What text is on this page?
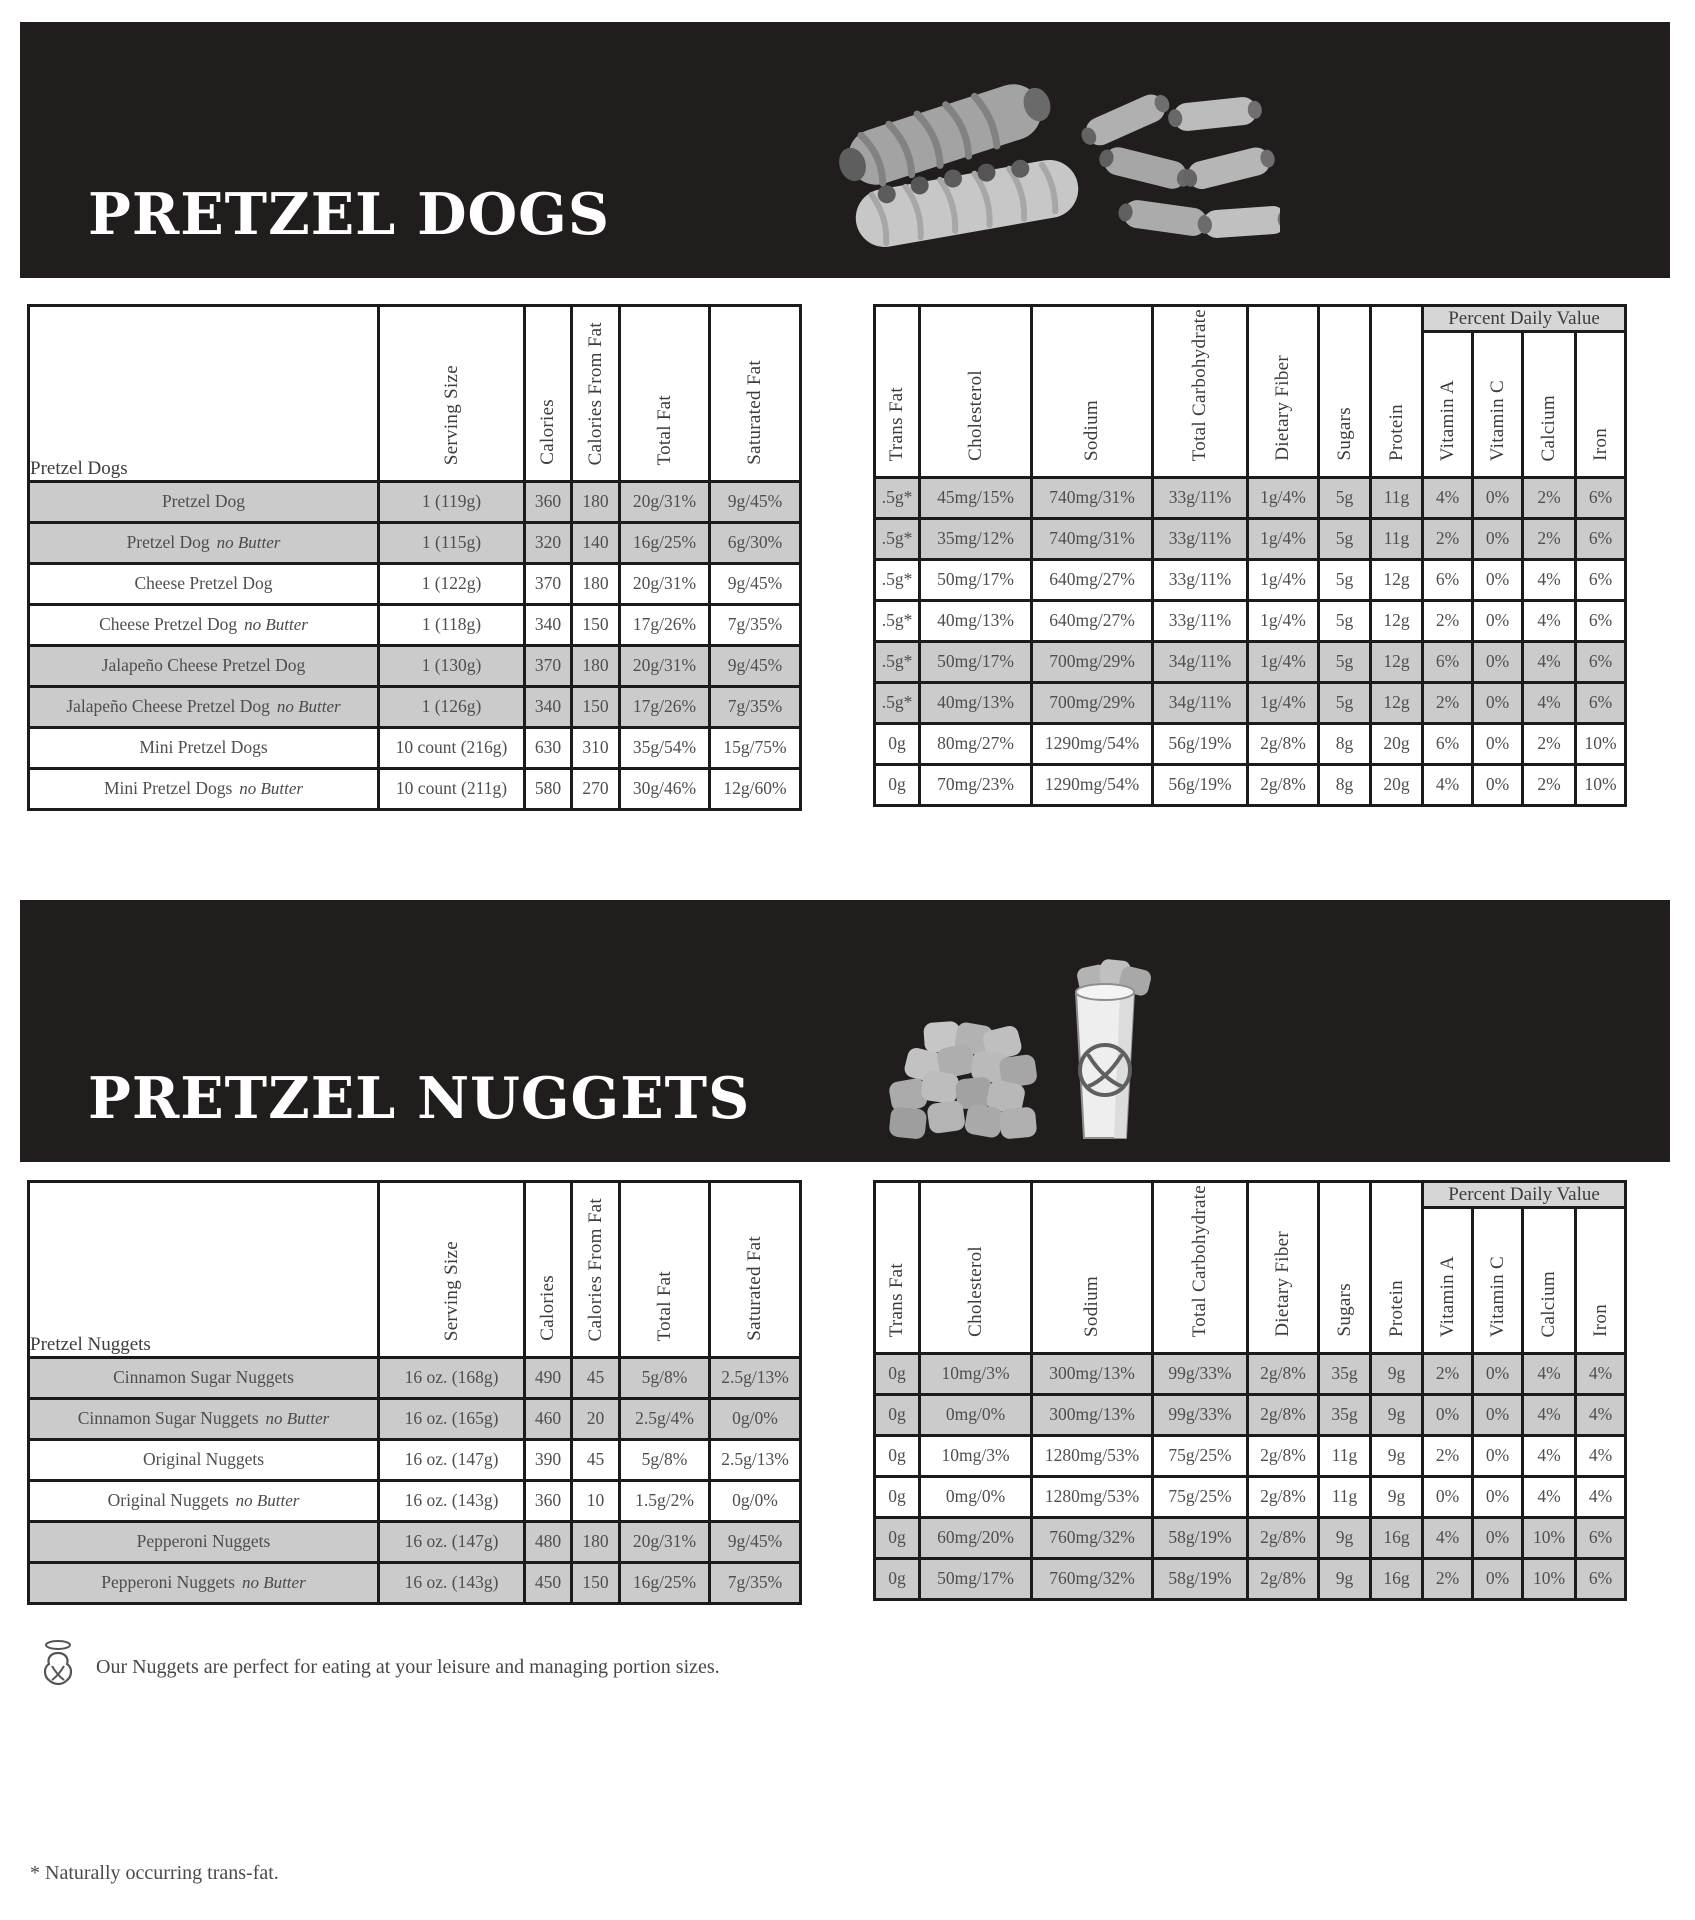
PRETZEL DOGS
Pretzel Dogs	Serving Size	Calories	Calories From Fat	Total Fat	Saturated Fat
Pretzel Dog	1 (119g)	360	180	20g/31%	9g/45%
Pretzel Dog no Butter	1 (115g)	320	140	16g/25%	6g/30%
Cheese Pretzel Dog	1 (122g)	370	180	20g/31%	9g/45%
Cheese Pretzel Dog no Butter	1 (118g)	340	150	17g/26%	7g/35%
Jalapeño Cheese Pretzel Dog	1 (130g)	370	180	20g/31%	9g/45%
Jalapeño Cheese Pretzel Dog no Butter	1 (126g)	340	150	17g/26%	7g/35%
Mini Pretzel Dogs	10 count (216g)	630	310	35g/54%	15g/75%
Mini Pretzel Dogs no Butter	10 count (211g)	580	270	30g/46%	12g/60%
Trans Fat	Cholesterol	Sodium	Total Carbohydrate	Dietary Fiber	Sugars	Protein	Percent Daily Value			
							Vitamin A	Vitamin C	Calcium	Iron
.5g*	45mg/15%	740mg/31%	33g/11%	1g/4%	5g	11g	4%	0%	2%	6%
.5g*	35mg/12%	740mg/31%	33g/11%	1g/4%	5g	11g	2%	0%	2%	6%
.5g*	50mg/17%	640mg/27%	33g/11%	1g/4%	5g	12g	6%	0%	4%	6%
.5g*	40mg/13%	640mg/27%	33g/11%	1g/4%	5g	12g	2%	0%	4%	6%
.5g*	50mg/17%	700mg/29%	34g/11%	1g/4%	5g	12g	6%	0%	4%	6%
.5g*	40mg/13%	700mg/29%	34g/11%	1g/4%	5g	12g	2%	0%	4%	6%
0g	80mg/27%	1290mg/54%	56g/19%	2g/8%	8g	20g	6%	0%	2%	10%
0g	70mg/23%	1290mg/54%	56g/19%	2g/8%	8g	20g	4%	0%	2%	10%
PRETZEL NUGGETS
Pretzel Nuggets	Serving Size	Calories	Calories From Fat	Total Fat	Saturated Fat
Cinnamon Sugar Nuggets	16 oz. (168g)	490	45	5g/8%	2.5g/13%
Cinnamon Sugar Nuggets no Butter	16 oz. (165g)	460	20	2.5g/4%	0g/0%
Original Nuggets	16 oz. (147g)	390	45	5g/8%	2.5g/13%
Original Nuggets no Butter	16 oz. (143g)	360	10	1.5g/2%	0g/0%
Pepperoni Nuggets	16 oz. (147g)	480	180	20g/31%	9g/45%
Pepperoni Nuggets no Butter	16 oz. (143g)	450	150	16g/25%	7g/35%
Trans Fat	Cholesterol	Sodium	Total Carbohydrate	Dietary Fiber	Sugars	Protein	Percent Daily Value			
							Vitamin A	Vitamin C	Calcium	Iron
0g	10mg/3%	300mg/13%	99g/33%	2g/8%	35g	9g	2%	0%	4%	4%
0g	0mg/0%	300mg/13%	99g/33%	2g/8%	35g	9g	0%	0%	4%	4%
0g	10mg/3%	1280mg/53%	75g/25%	2g/8%	11g	9g	2%	0%	4%	4%
0g	0mg/0%	1280mg/53%	75g/25%	2g/8%	11g	9g	0%	0%	4%	4%
0g	60mg/20%	760mg/32%	58g/19%	2g/8%	9g	16g	4%	0%	10%	6%
0g	50mg/17%	760mg/32%	58g/19%	2g/8%	9g	16g	2%	0%	10%	6%
Our Nuggets are perfect for eating at your leisure and managing portion sizes.
* Naturally occurring trans-fat.
